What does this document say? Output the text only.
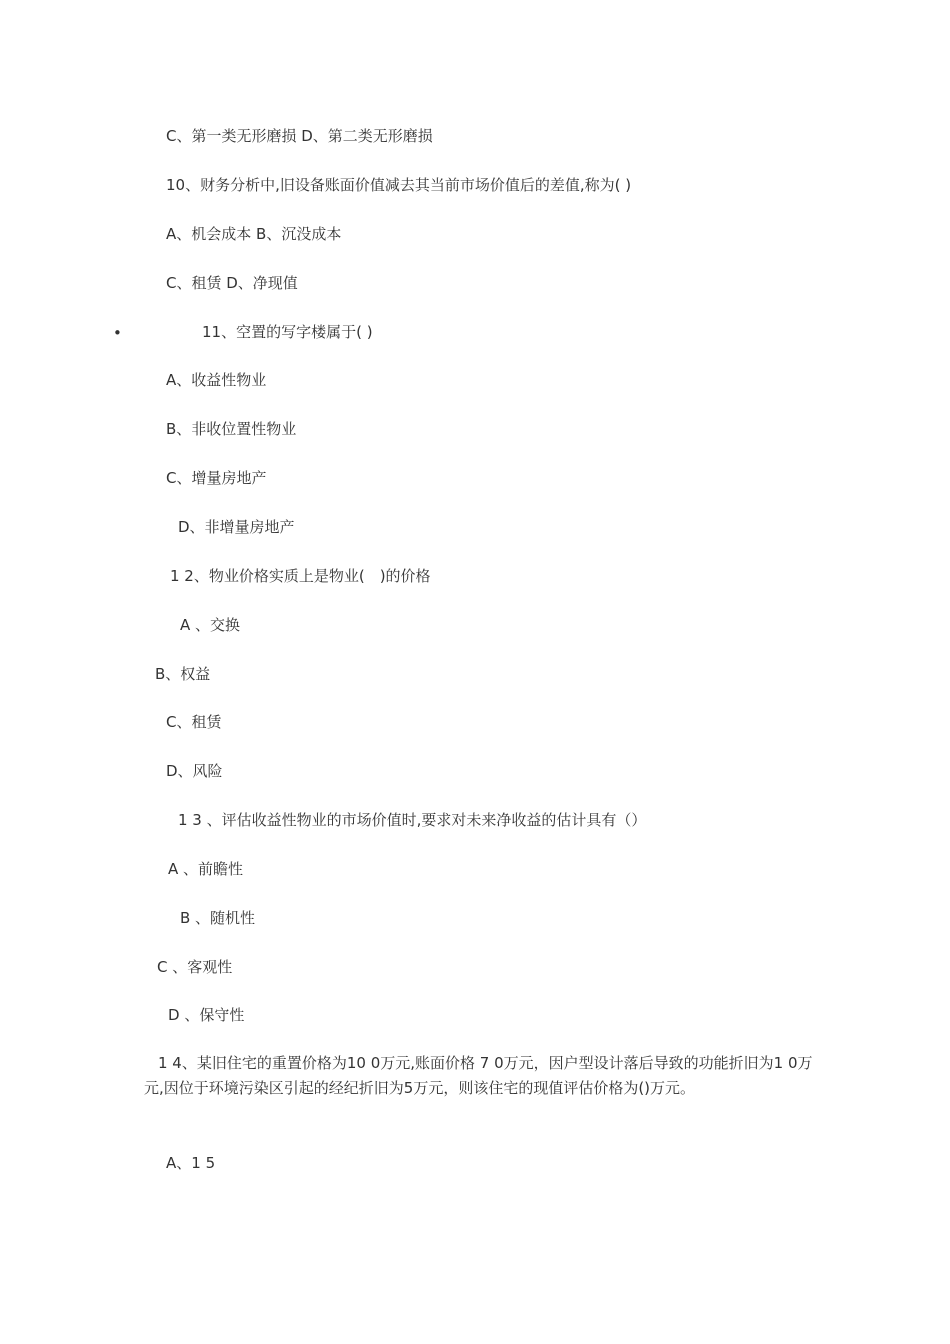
•
C、第一类无形磨损 D、第二类无形磨损
10、财务分析中,旧设备账面价值减去其当前市场价值后的差值,称为( )
A、机会成本 B、沉没成本
C、租赁 D、净现值
11、空置的写字楼属于( )
A、收益性物业
B、非收位置性物业
C、增量房地产
D、非增量房地产
1 2、物业价格实质上是物业(　)的价格
A 、交换
B、权益
C、租赁
D、风险
1 3 、评估收益性物业的市场价值时,要求对未来净收益的估计具有（）
A 、前瞻性
B 、随机性
C 、客观性
D 、保守性
1 4、某旧住宅的重置价格为10 0万元,账面价格 7 0万元，因户型设计落后导致的功能折旧为1 0万元,因位于环境污染区引起的经纪折旧为5万元，则该住宅的现值评估价格为()万元。
A、1 5
